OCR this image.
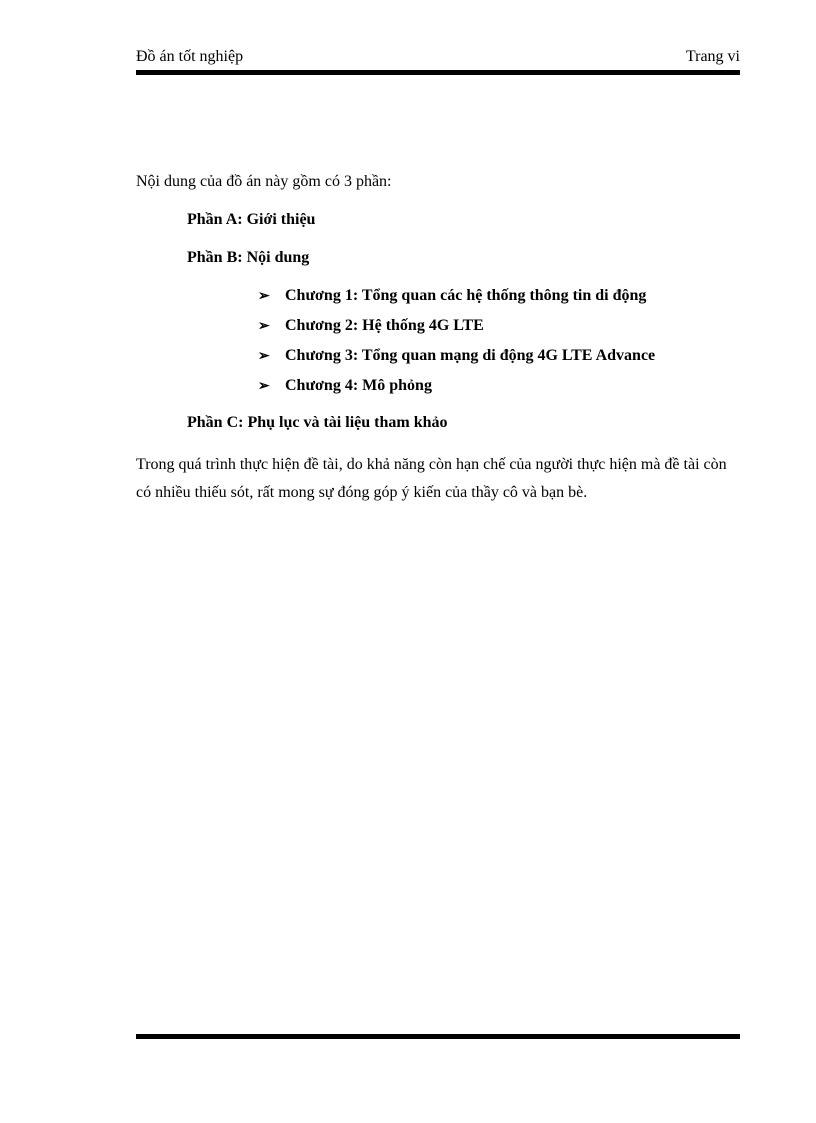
Đồ án tốt nghiệp	Trang vi
Nội dung của đồ án này gồm có 3 phần:
Phần A: Giới thiệu
Phần B: Nội dung
➢ Chương 1: Tổng quan các hệ thống thông tin di động
➢ Chương 2: Hệ thống 4G LTE
➢ Chương 3: Tổng quan mạng di động 4G LTE Advance
➢ Chương 4: Mô phỏng
Phần C: Phụ lục và tài liệu tham khảo
Trong quá trình thực hiện đề tài, do khả năng còn hạn chế của người thực hiện mà đề tài còn có nhiều thiếu sót, rất mong sự đóng góp ý kiến của thầy cô và bạn bè.
